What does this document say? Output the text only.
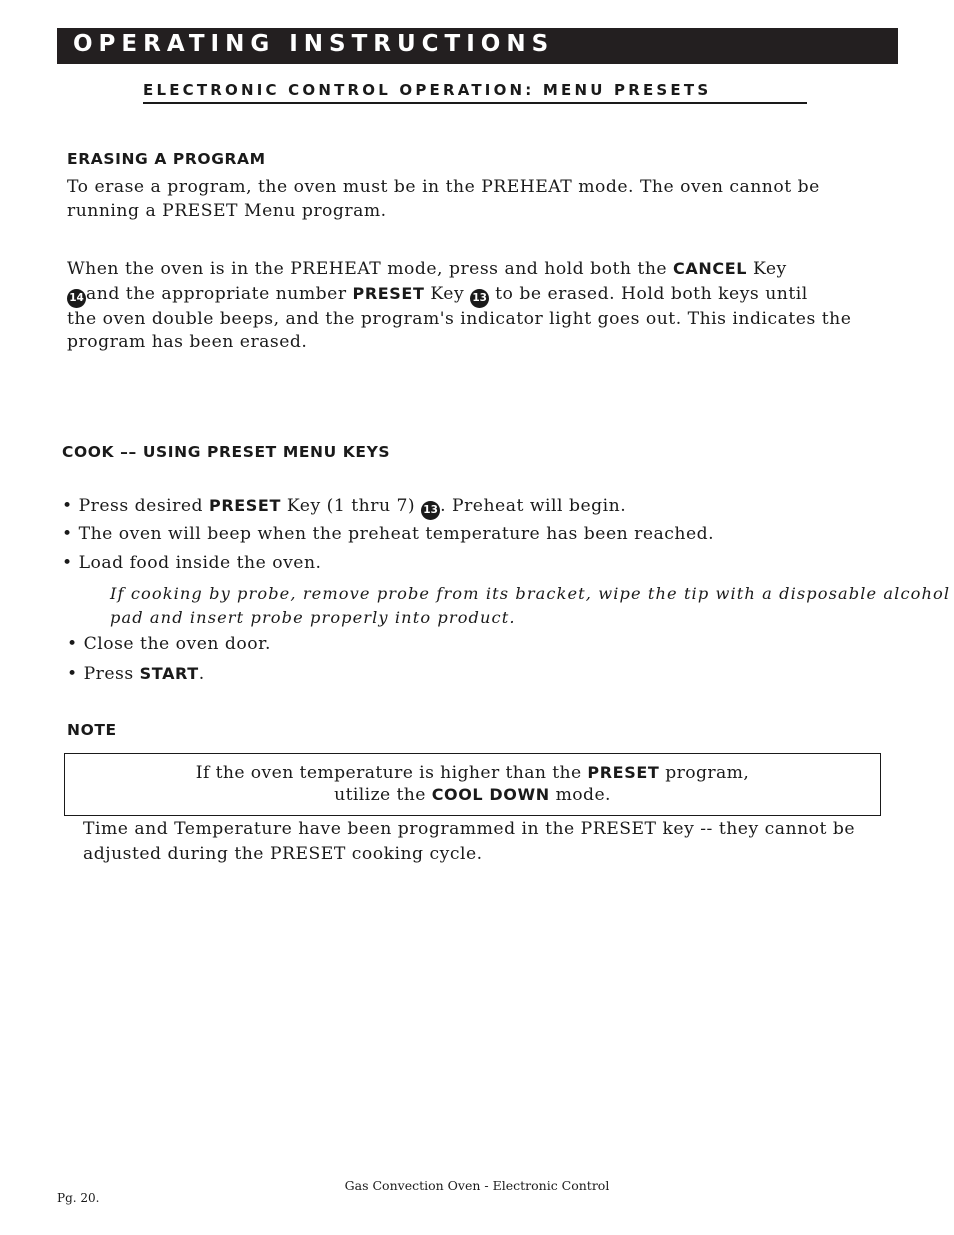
OPERATING INSTRUCTIONS
ELECTRONIC CONTROL OPERATION: MENU PRESETS
ERASING A PROGRAM
To erase a program, the oven must be in the PREHEAT mode. The oven cannot be
running a PRESET Menu program.
When the oven is in the PREHEAT mode, press and hold both the CANCEL Key
14 and the appropriate number PRESET Key 13 to be erased. Hold both keys until
the oven double beeps, and the program's indicator light goes out. This indicates the
program has been erased.
COOK –– USING PRESET MENU KEYS
• Press desired PRESET Key (1 thru 7) 13 . Preheat will begin.
• The oven will beep when the preheat temperature has been reached.
• Load food inside the oven.
If cooking by probe, remove probe from its bracket, wipe the tip with a disposable alcohol
pad and insert probe properly into product.
• Close the oven door.
• Press START.
NOTE
If the oven temperature is higher than the PRESET program,
utilize the COOL DOWN mode.
Time and Temperature have been programmed in the PRESET key -- they cannot be
adjusted during the PRESET cooking cycle.
Gas Convection Oven - Electronic Control
Pg. 20.
